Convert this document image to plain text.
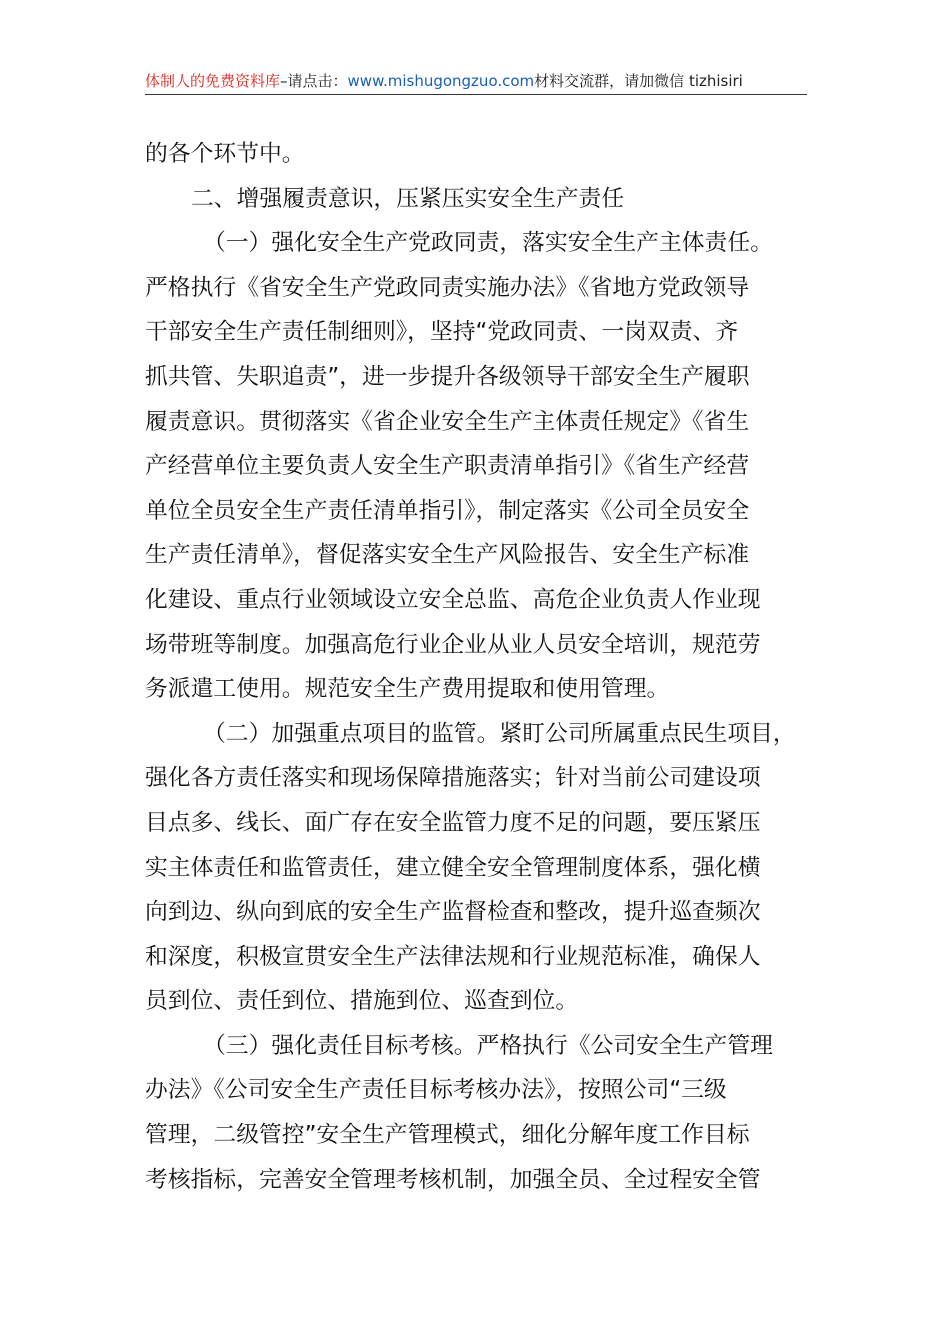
体制人的免费资料库–请点击：www.mishugongzuo.com材料交流群，请加微信 tizhisiri
的各个环节中。
二、增强履责意识，压紧压实安全生产责任
（一）强化安全生产党政同责，落实安全生产主体责任。
严格执行《省安全生产党政同责实施办法》《省地方党政领导
干部安全生产责任制细则》，坚持“党政同责、一岗双责、齐
抓共管、失职追责”，进一步提升各级领导干部安全生产履职
履责意识。贯彻落实《省企业安全生产主体责任规定》《省生
产经营单位主要负责人安全生产职责清单指引》《省生产经营
单位全员安全生产责任清单指引》，制定落实《公司全员安全
生产责任清单》，督促落实安全生产风险报告、安全生产标准
化建设、重点行业领域设立安全总监、高危企业负责人作业现
场带班等制度。加强高危行业企业从业人员安全培训，规范劳
务派遣工使用。规范安全生产费用提取和使用管理。
（二）加强重点项目的监管。紧盯公司所属重点民生项目，
强化各方责任落实和现场保障措施落实；针对当前公司建设项
目点多、线长、面广存在安全监管力度不足的问题，要压紧压
实主体责任和监管责任，建立健全安全管理制度体系，强化横
向到边、纵向到底的安全生产监督检查和整改，提升巡查频次
和深度，积极宣贯安全生产法律法规和行业规范标准，确保人
员到位、责任到位、措施到位、巡查到位。
（三）强化责任目标考核。严格执行《公司安全生产管理
办法》《公司安全生产责任目标考核办法》，按照公司“三级
管理，二级管控”安全生产管理模式，细化分解年度工作目标
考核指标，完善安全管理考核机制，加强全员、全过程安全管
